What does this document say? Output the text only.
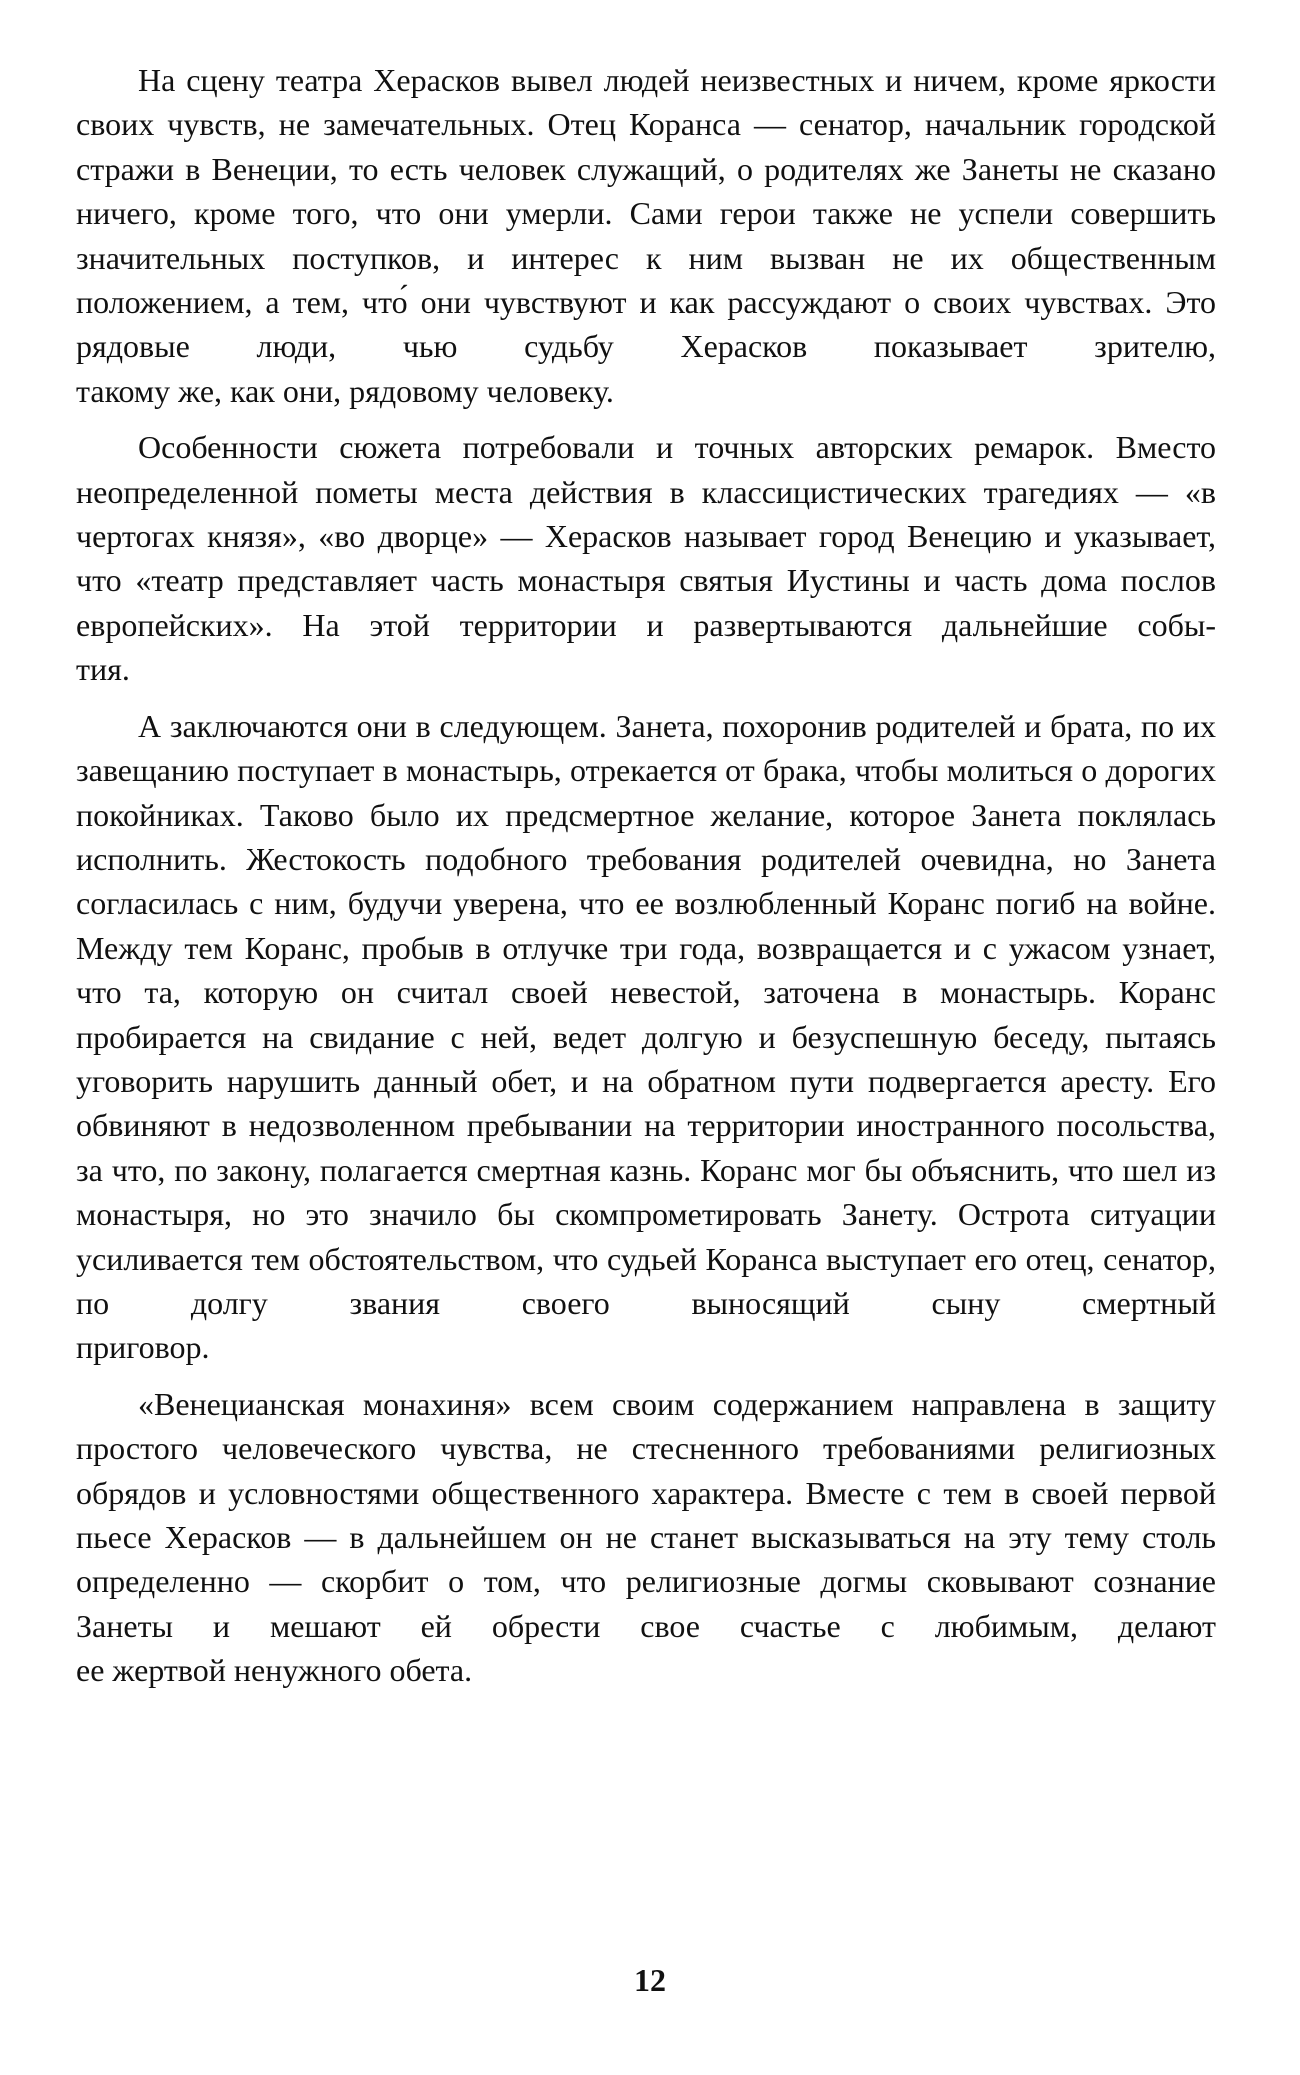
На сцену театра Херасков вывел людей неизвестных и ничем, кроме яркости своих чувств, не замечательных. Отец Коранса — сенатор, начальник городской стражи в Венеции, то есть человек служащий, о родителях же Занеты не сказано ничего, кроме того, что они умерли. Сами герои также не успели совершить значительных поступков, и интерес к ним вызван не их общественным положением, а тем, что́ они чувствуют и как рассуждают о своих чувствах. Это рядовые люди, чью судьбу Херасков показывает зрителю,
такому же, как они, рядовому человеку.

Особенности сюжета потребовали и точных авторских ремарок. Вместо неопределенной пометы места действия в классицистических трагедиях — «в чертогах князя», «во дворце» — Херасков называет город Венецию и указывает, что «театр представляет часть монастыря святыя Иустины и часть дома послов европейских». На этой территории и развертываются дальнейшие собы-
тия.

А заключаются они в следующем. Занета, похоронив родителей и брата, по их завещанию поступает в монастырь, отрекается от брака, чтобы молиться о дорогих покойниках. Таково было их предсмертное желание, которое Занета поклялась исполнить. Жестокость подобного требования родителей очевидна, но Занета согласилась с ним, будучи уверена, что ее возлюбленный Коранс погиб на войне. Между тем Коранс, пробыв в отлучке три года, возвращается и с ужасом узнает, что та, которую он считал своей невестой, заточена в монастырь. Коранс пробирается на свидание с ней, ведет долгую и безуспешную беседу, пытаясь уговорить нарушить данный обет, и на обратном пути подвергается аресту. Его обвиняют в недозволенном пребывании на территории иностранного посольства, за что, по закону, полагается смертная казнь. Коранс мог бы объяснить, что шел из монастыря, но это значило бы скомпрометировать Занету. Острота ситуации усиливается тем обстоятельством, что судьей Коранса выступает его отец, сенатор, по долгу звания своего выносящий сыну смертный
приговор.

«Венецианская монахиня» всем своим содержанием направлена в защиту простого человеческого чувства, не стесненного требованиями религиозных обрядов и условностями общественного характера. Вместе с тем в своей первой пьесе Херасков — в дальнейшем он не станет высказываться на эту тему столь определенно — скорбит о том, что религиозные догмы сковывают сознание Занеты и мешают ей обрести свое счастье с любимым, делают
ее жертвой ненужного обета.

12
